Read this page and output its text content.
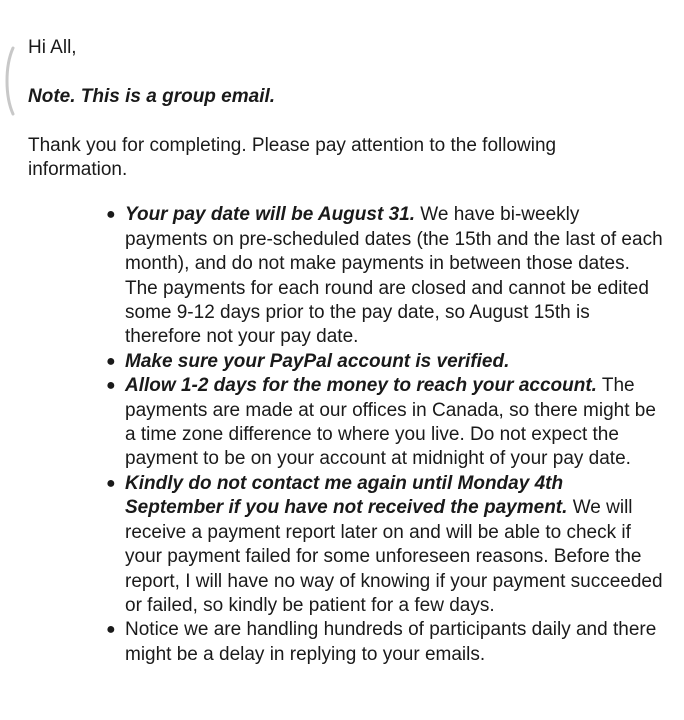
Hi All,

Note. This is a group email.

Thank you for completing. Please pay attention to the following information.

● Your pay date will be August 31. We have bi-weekly payments on pre-scheduled dates (the 15th and the last of each month), and do not make payments in between those dates. The payments for each round are closed and cannot be edited some 9-12 days prior to the pay date, so August 15th is therefore not your pay date.
● Make sure your PayPal account is verified.
● Allow 1-2 days for the money to reach your account. The payments are made at our offices in Canada, so there might be a time zone difference to where you live. Do not expect the payment to be on your account at midnight of your pay date.
● Kindly do not contact me again until Monday 4th September if you have not received the payment. We will receive a payment report later on and will be able to check if your payment failed for some unforeseen reasons. Before the report, I will have no way of knowing if your payment succeeded or failed, so kindly be patient for a few days.
● Notice we are handling hundreds of participants daily and there might be a delay in replying to your emails.
